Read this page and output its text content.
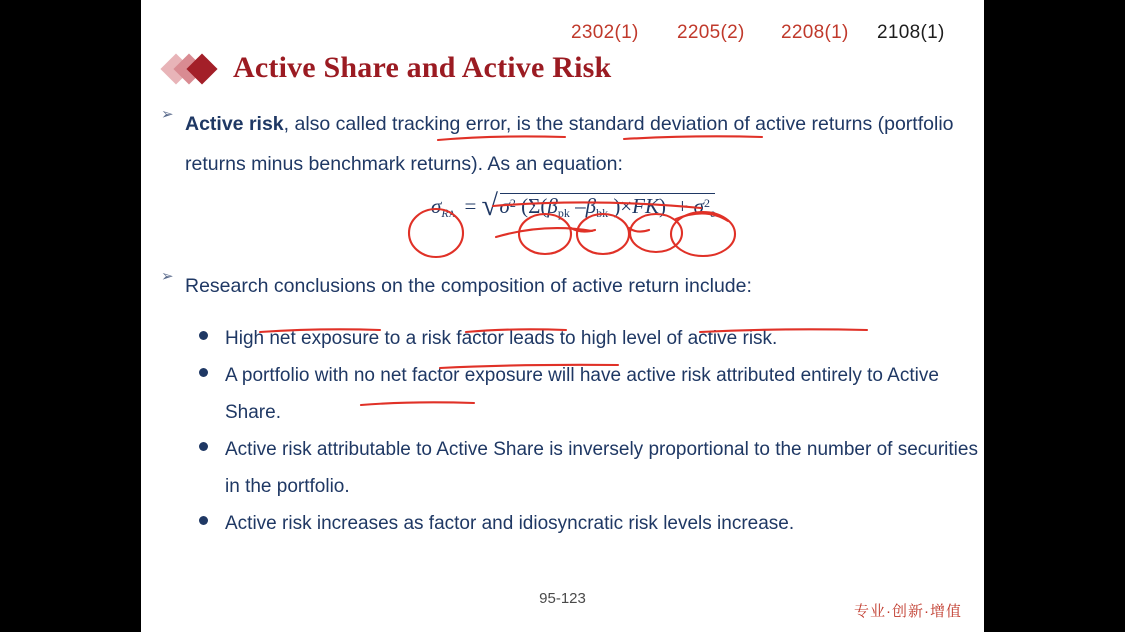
2302(1) 2205(2) 2208(1) 2108(1)
Active Share and Active Risk
➢ Active risk, also called tracking error, is the standard deviation of active returns (portfolio returns minus benchmark returns). As an equation:

$\sigma_{RA}$ = √ $\sigma^2$ ($\Sigma(\beta_{pk}$ $-\beta_{bk}$ )$\times FK) + \sigma^2_e$
➢ Research conclusions on the composition of active return include:

High net exposure to a risk factor leads to high level of active risk.

A portfolio with no net factor exposure will have active risk attributed entirely to Active Share.

Active risk attributable to Active Share is inversely proportional to the number of securities in the portfolio.

Active risk increases as factor and idiosyncratic risk levels increase.

95-123
专业·创新·增值
